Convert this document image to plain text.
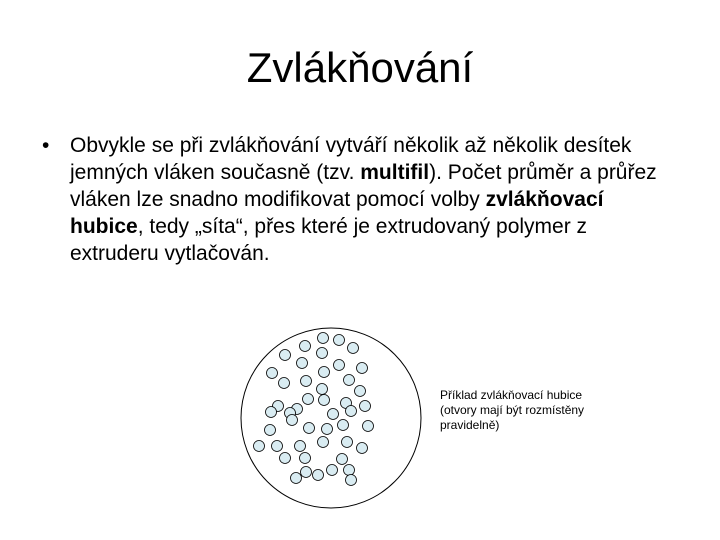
Zvlákňování
• Obvykle se při zvlákňování vytváří několik až několik desítek jemných vláken současně (tzv. multifil). Počet průměr a průřez vláken lze snadno modifikovat pomocí volby zvlákňovací hubice, tedy „síta“, přes které je extrudovaný polymer z extruderu vytlačován.
Příklad zvlákňovací hubice
(otvory mají být rozmístěny
pravidelně)
